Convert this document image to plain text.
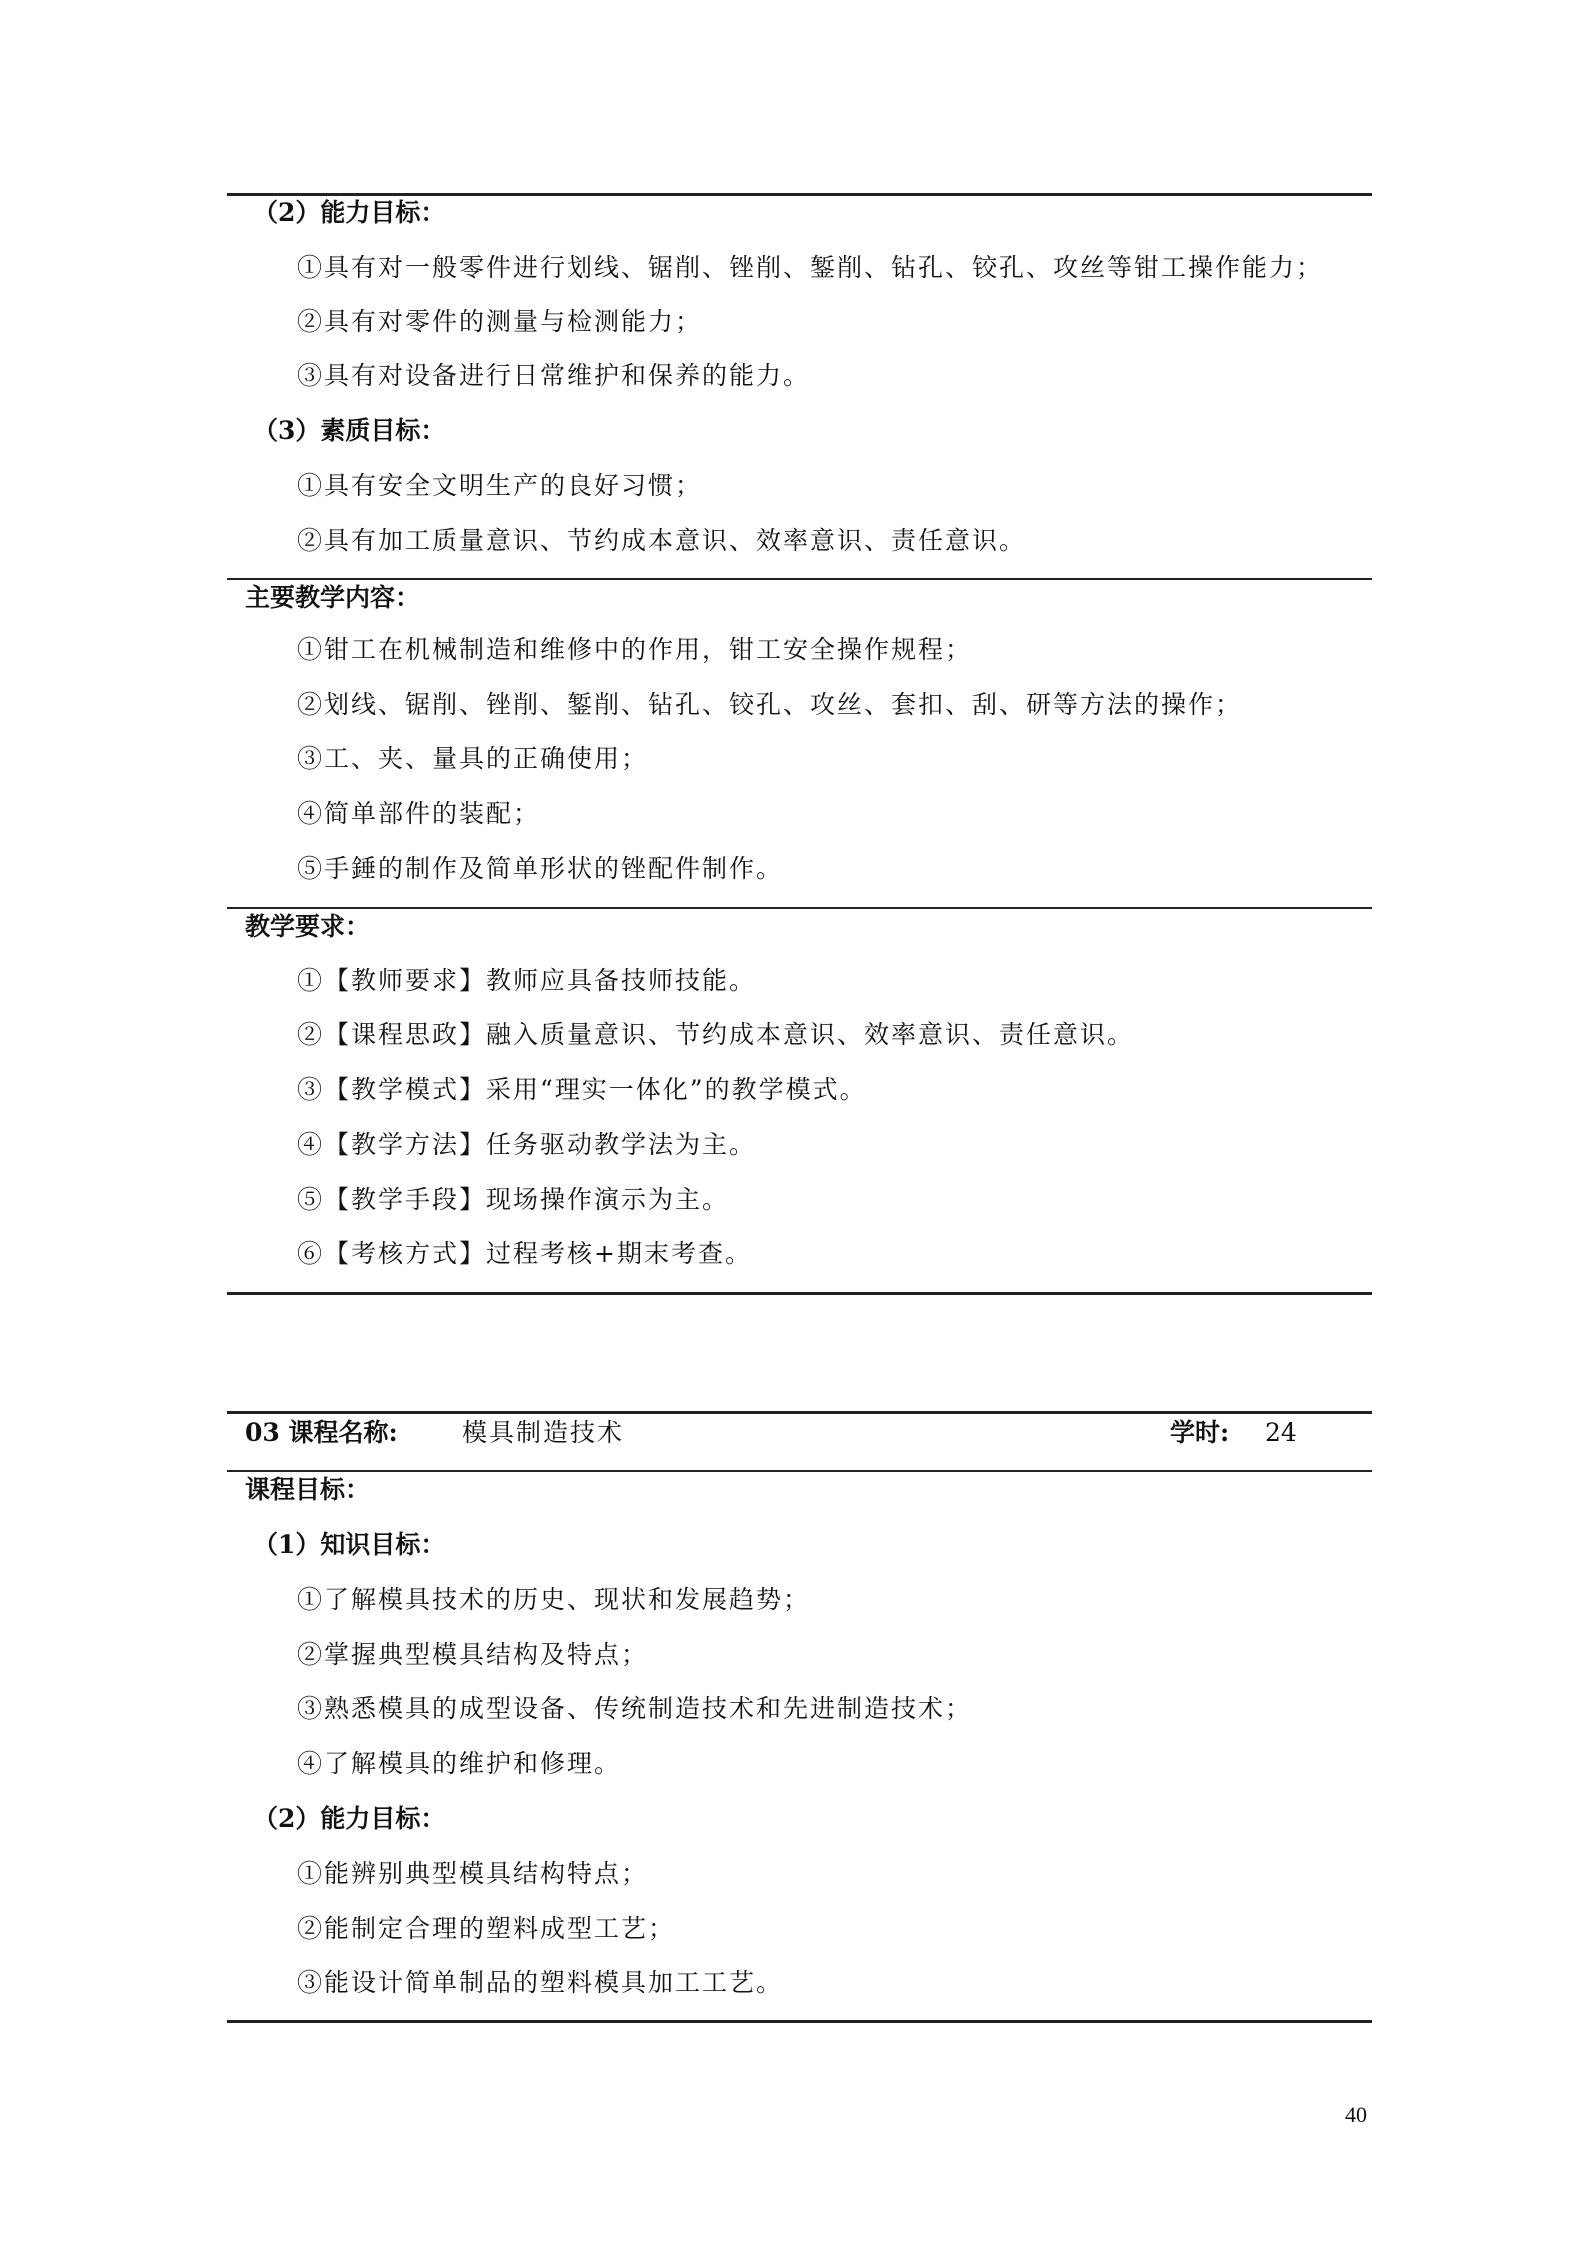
（2）能力目标：
①具有对一般零件进行划线、锯削、锉削、錾削、钻孔、铰孔、攻丝等钳工操作能力；
②具有对零件的测量与检测能力；
③具有对设备进行日常维护和保养的能力。
（3）素质目标：
①具有安全文明生产的良好习惯；
②具有加工质量意识、节约成本意识、效率意识、责任意识。
主要教学内容：
①钳工在机械制造和维修中的作用，钳工安全操作规程；
②划线、锯削、锉削、錾削、钻孔、铰孔、攻丝、套扣、刮、研等方法的操作；
③工、夹、量具的正确使用；
④简单部件的装配；
⑤手錘的制作及简单形状的锉配件制作。
教学要求：
①【教师要求】教师应具备技师技能。
②【课程思政】融入质量意识、节约成本意识、效率意识、责任意识。
③【教学模式】采用“理实一体化”的教学模式。
④【教学方法】任务驱动教学法为主。
⑤【教学手段】现场操作演示为主。
⑥【考核方式】过程考核+期末考查。
03 课程名称:	模具制造技术	学时: 24
课程目标：
（1）知识目标：
①了解模具技术的历史、现状和发展趋势；
②掌握典型模具结构及特点；
③熟悉模具的成型设备、传统制造技术和先进制造技术；
④了解模具的维护和修理。
（2）能力目标：
①能辨别典型模具结构特点；
②能制定合理的塑料成型工艺；
③能设计简单制品的塑料模具加工工艺。
40
